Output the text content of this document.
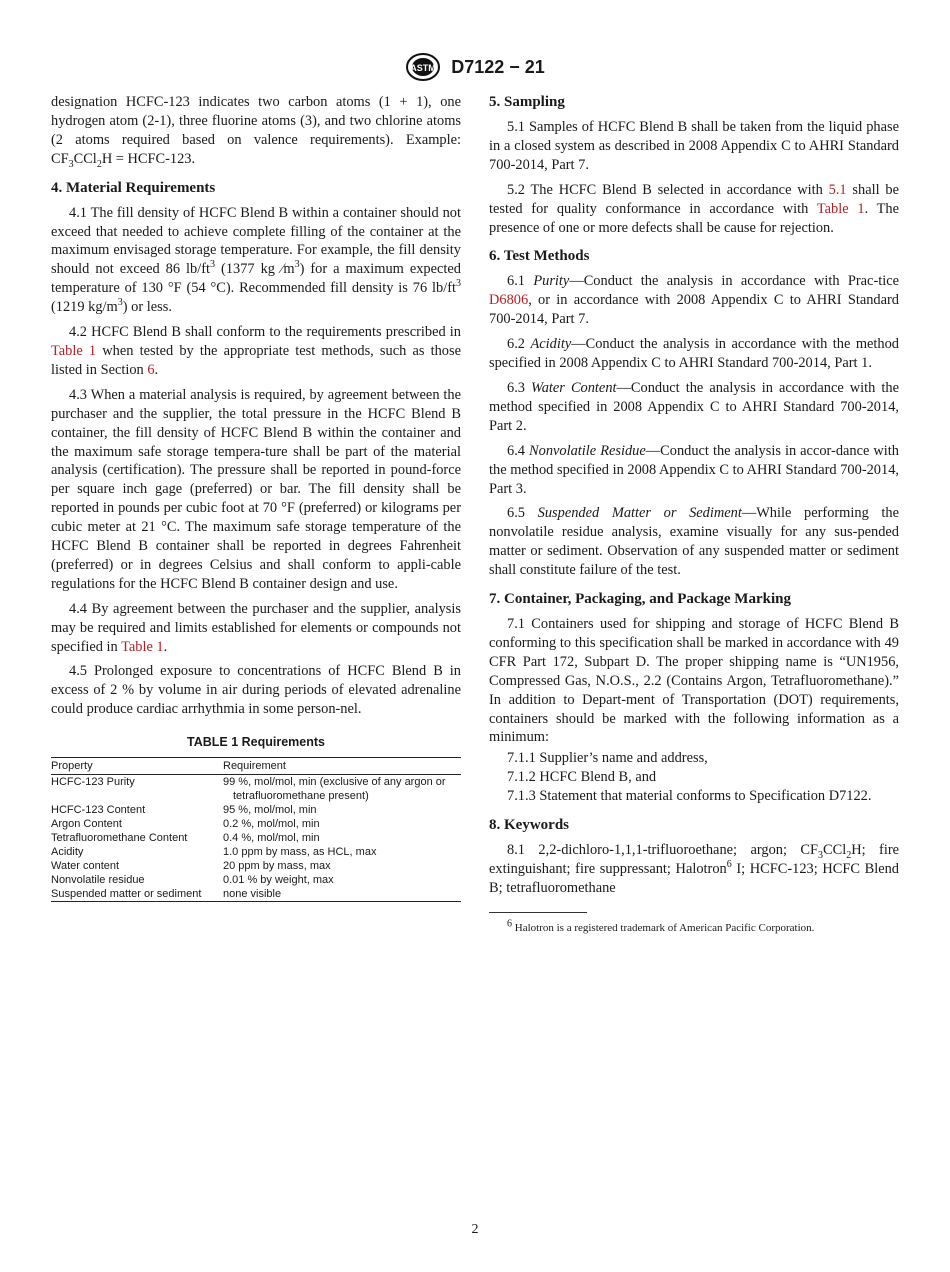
ASTM D7122 − 21

designation HCFC-123 indicates two carbon atoms (1 + 1), one hydrogen atom (2-1), three fluorine atoms (3), and two chlorine atoms (2 atoms required based on valence requirements). Example: $CF_3CCl_2H$ = HCFC-123.

4. Material Requirements

4.1 The fill density of HCFC Blend B within a container should not exceed that needed to achieve complete filling of the container at the maximum envisaged storage temperature. For example, the fill density should not exceed 86 $lb/ft^3$ (1377 kg $⁄m^3$) for a maximum expected temperature of 130 °F (54 °C). Recommended fill density is 76 $lb/ft^3$ (1219 $kg/m^3$) or less.

4.2 HCFC Blend B shall conform to the requirements prescribed in Table 1 when tested by the appropriate test methods, such as those listed in Section 6.

4.3 When a material analysis is required, by agreement between the purchaser and the supplier, the total pressure in the HCFC Blend B container, the fill density of HCFC Blend B within the container and the maximum safe storage tempera-ture shall be part of the material analysis (certification). The pressure shall be reported in pound-force per square inch gage (preferred) or bar. The fill density shall be reported in pounds per cubic foot at 70 °F (preferred) or kilograms per cubic meter at 21 °C. The maximum safe storage temperature of the HCFC Blend B container shall be reported in degrees Fahrenheit (preferred) or in degrees Celsius and shall conform to appli-cable regulations for the HCFC Blend B container design and use.

4.4 By agreement between the purchaser and the supplier, analysis may be required and limits established for elements or compounds not specified in Table 1.

4.5 Prolonged exposure to concentrations of HCFC Blend B in excess of 2 % by volume in air during periods of elevated adrenaline could produce cardiac arrhythmia in some person-nel.

TABLE 1 Requirements
Property	Requirement
HCFC-123 Purity	99 %, mol/mol, min (exclusive of any argon or tetrafluoromethane present)

HCFC-123 Content	95 %, mol/mol, min
Argon Content	0.2 %, mol/mol, min
Tetrafluoromethane Content	0.4 %, mol/mol, min
Acidity	1.0 ppm by mass, as HCL, max
Water content	20 ppm by mass, max
Nonvolatile residue	0.01 % by weight, max
Suspended matter or sediment	none visible
5. Sampling

5.1 Samples of HCFC Blend B shall be taken from the liquid phase in a closed system as described in 2008 Appendix C to AHRI Standard 700-2014, Part 7.

5.2 The HCFC Blend B selected in accordance with 5.1 shall be tested for quality conformance in accordance with Table 1. The presence of one or more defects shall be cause for rejection.

6. Test Methods

6.1 Purity—Conduct the analysis in accordance with Prac-tice D6806, or in accordance with 2008 Appendix C to AHRI Standard 700-2014, Part 7.

6.2 Acidity—Conduct the analysis in accordance with the method specified in 2008 Appendix C to AHRI Standard 700-2014, Part 1.

6.3 Water Content—Conduct the analysis in accordance with the method specified in 2008 Appendix C to AHRI Standard 700-2014, Part 2.

6.4 Nonvolatile Residue—Conduct the analysis in accor-dance with the method specified in 2008 Appendix C to AHRI Standard 700-2014, Part 3.

6.5 Suspended Matter or Sediment—While performing the nonvolatile residue analysis, examine visually for any sus-pended matter or sediment. Observation of any suspended matter or sediment shall constitute failure of the test.

7. Container, Packaging, and Package Marking

7.1 Containers used for shipping and storage of HCFC Blend B conforming to this specification shall be marked in accordance with 49 CFR Part 172, Subpart D. The proper shipping name is “UN1956, Compressed Gas, N.O.S., 2.2 (Contains Argon, Tetrafluoromethane).” In addition to Depart-ment of Transportation (DOT) requirements, containers should be marked with the following information as a minimum:

7.1.1 Supplier’s name and address,

7.1.2 HCFC Blend B, and

7.1.3 Statement that material conforms to Specification D7122.

8. Keywords

8.1 2,2-dichloro-1,1,1-trifluoroethane; argon; $CF_3CCl_2H$; fire extinguishant; fire suppressant; Halotron$^6$ I; HCFC-123; HCFC Blend B; tetrafluoromethane

$^6$ Halotron is a registered trademark of American Pacific Corporation.

2
